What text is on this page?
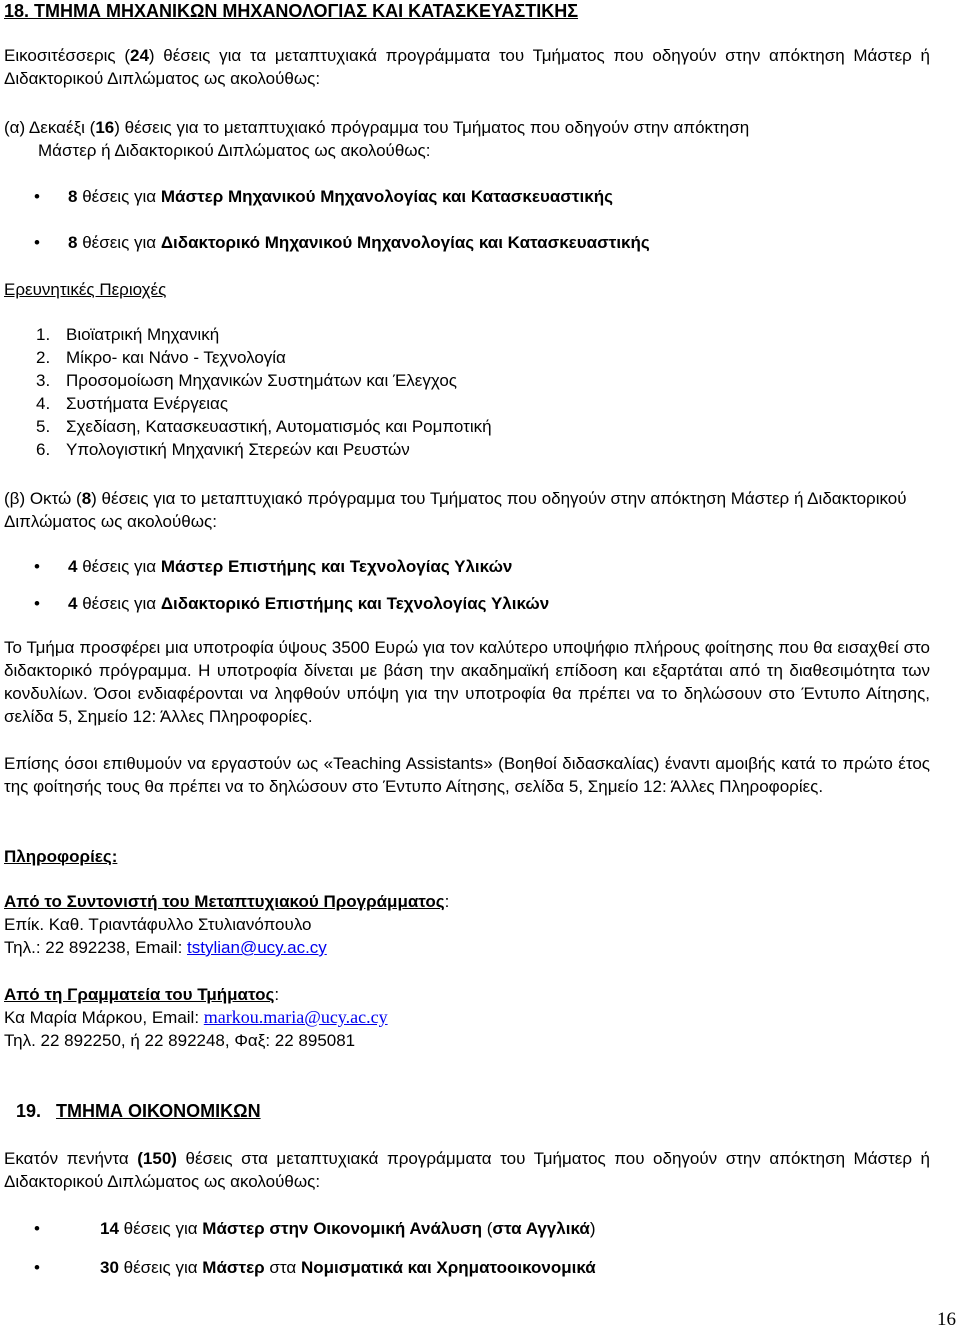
18. ΤΜΗΜΑ ΜΗΧΑΝΙΚΩΝ ΜΗΧΑΝΟΛΟΓΙΑΣ ΚΑΙ ΚΑΤΑΣΚΕΥΑΣΤΙΚΗΣ

Εικοσιτέσσερις (24) θέσεις για τα μεταπτυχιακά προγράμματα του Τμήματος που οδηγούν στην απόκτηση Μάστερ ή Διδακτορικού Διπλώματος ως ακολούθως:

(α) Δεκαέξι (16) θέσεις για το μεταπτυχιακό πρόγραμμα του Τμήματος που οδηγούν στην απόκτηση

Μάστερ ή Διδακτορικού Διπλώματος ως ακολούθως:

• 8 θέσεις για Μάστερ Μηχανικού Μηχανολογίας και Κατασκευαστικής
• 8 θέσεις για Διδακτορικό Μηχανικού Μηχανολογίας και Κατασκευαστικής

Ερευνητικές Περιοχές

1. Βιοϊατρική Μηχανική
2. Μίκρο- και Νάνο - Τεχνολογία
3. Προσομοίωση Μηχανικών Συστημάτων και Έλεγχος
4. Συστήματα Ενέργειας
5. Σχεδίαση, Κατασκευαστική, Αυτοματισμός και Ρομποτική
6. Υπολογιστική Μηχανική Στερεών και Ρευστών

(β) Οκτώ (8) θέσεις για το μεταπτυχιακό πρόγραμμα του Τμήματος που οδηγούν στην απόκτηση Μάστερ ή Διδακτορικού Διπλώματος ως ακολούθως:

• 4 θέσεις για Μάστερ Επιστήμης και Τεχνολογίας Υλικών
• 4 θέσεις για Διδακτορικό Επιστήμης και Τεχνολογίας Υλικών

Το Τμήμα προσφέρει μια υποτροφία ύψους 3500 Ευρώ για τον καλύτερο υποψήφιο πλήρους φοίτησης που θα εισαχθεί στο διδακτορικό πρόγραμμα. Η υποτροφία δίνεται με βάση την ακαδημαϊκή επίδοση και εξαρτάται από τη διαθεσιμότητα των κονδυλίων. Όσοι ενδιαφέρονται να ληφθούν υπόψη για την υποτροφία θα πρέπει να το δηλώσουν στο Έντυπο Αίτησης, σελίδα 5, Σημείο 12: Άλλες Πληροφορίες.

Επίσης όσοι επιθυμούν να εργαστούν ως «Teaching Assistants» (Βοηθοί διδασκαλίας) έναντι αμοιβής κατά το πρώτο έτος της φοίτησής τους θα πρέπει να το δηλώσουν στο Έντυπο Αίτησης, σελίδα 5, Σημείο 12: Άλλες Πληροφορίες.

Πληροφορίες:

Από το Συντονιστή του Μεταπτυχιακού Προγράμματος:

Επίκ. Καθ. Τριαντάφυλλο Στυλιανόπουλο

Τηλ.: 22 892238, Email: tstylian@ucy.ac.cy

Από τη Γραμματεία του Τμήματος:

Κα Μαρία Μάρκου, Email: markou.maria@ucy.ac.cy

Τηλ. 22 892250, ή 22 892248, Φαξ: 22 895081

19. ΤΜΗΜΑ ΟΙΚΟΝΟΜΙΚΩΝ

Εκατόν πενήντα (150) θέσεις στα μεταπτυχιακά προγράμματα του Τμήματος που οδηγούν στην απόκτηση Μάστερ ή Διδακτορικού Διπλώματος ως ακολούθως:

• 14 θέσεις για Μάστερ στην Οικονομική Ανάλυση (στα Αγγλικά)
• 30 θέσεις για Μάστερ στα Νομισματικά και Χρηματοοικονομικά
16
